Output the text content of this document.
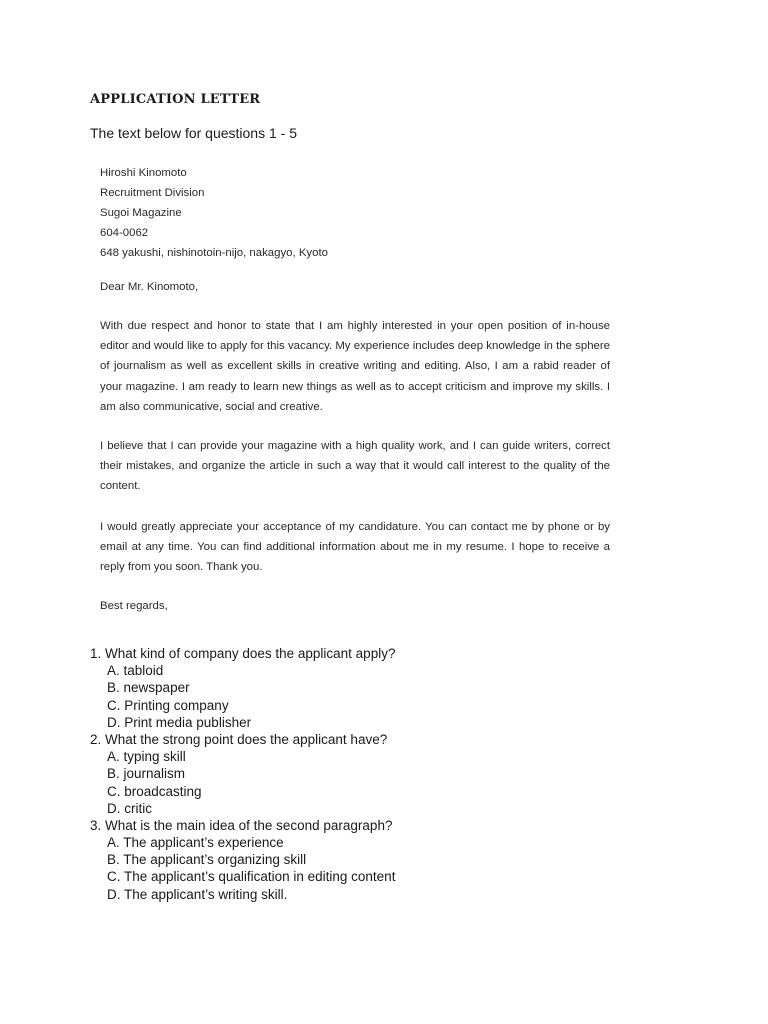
APPLICATION LETTER

The text below for questions 1 - 5

Hiroshi Kinomoto
Recruitment Division
Sugoi Magazine
604-0062
648 yakushi, nishinotoin-nijo, nakagyo, Kyoto
Dear Mr. Kinomoto,

With due respect and honor to state that I am highly interested in your open position of in-house editor and would like to apply for this vacancy. My experience includes deep knowledge in the sphere of journalism as well as excellent skills in creative writing and editing. Also, I am a rabid reader of your magazine. I am ready to learn new things as well as to accept criticism and improve my skills. I am also communicative, social and creative.

I believe that I can provide your magazine with a high quality work, and I can guide writers, correct their mistakes, and organize the article in such a way that it would call interest to the quality of the content.

I would greatly appreciate your acceptance of my candidature. You can contact me by phone or by email at any time. You can find additional information about me in my resume. I hope to receive a reply from you soon. Thank you.

Best regards,
1. What kind of company does the applicant apply?
A. tabloid
B. newspaper
C. Printing company
D. Print media publisher
2. What the strong point does the applicant have?
A. typing skill
B. journalism
C. broadcasting
D. critic
3. What is the main idea of the second paragraph?
A. The applicant’s experience
B. The applicant’s organizing skill
C. The applicant’s qualification in editing content
D. The applicant’s writing skill.
